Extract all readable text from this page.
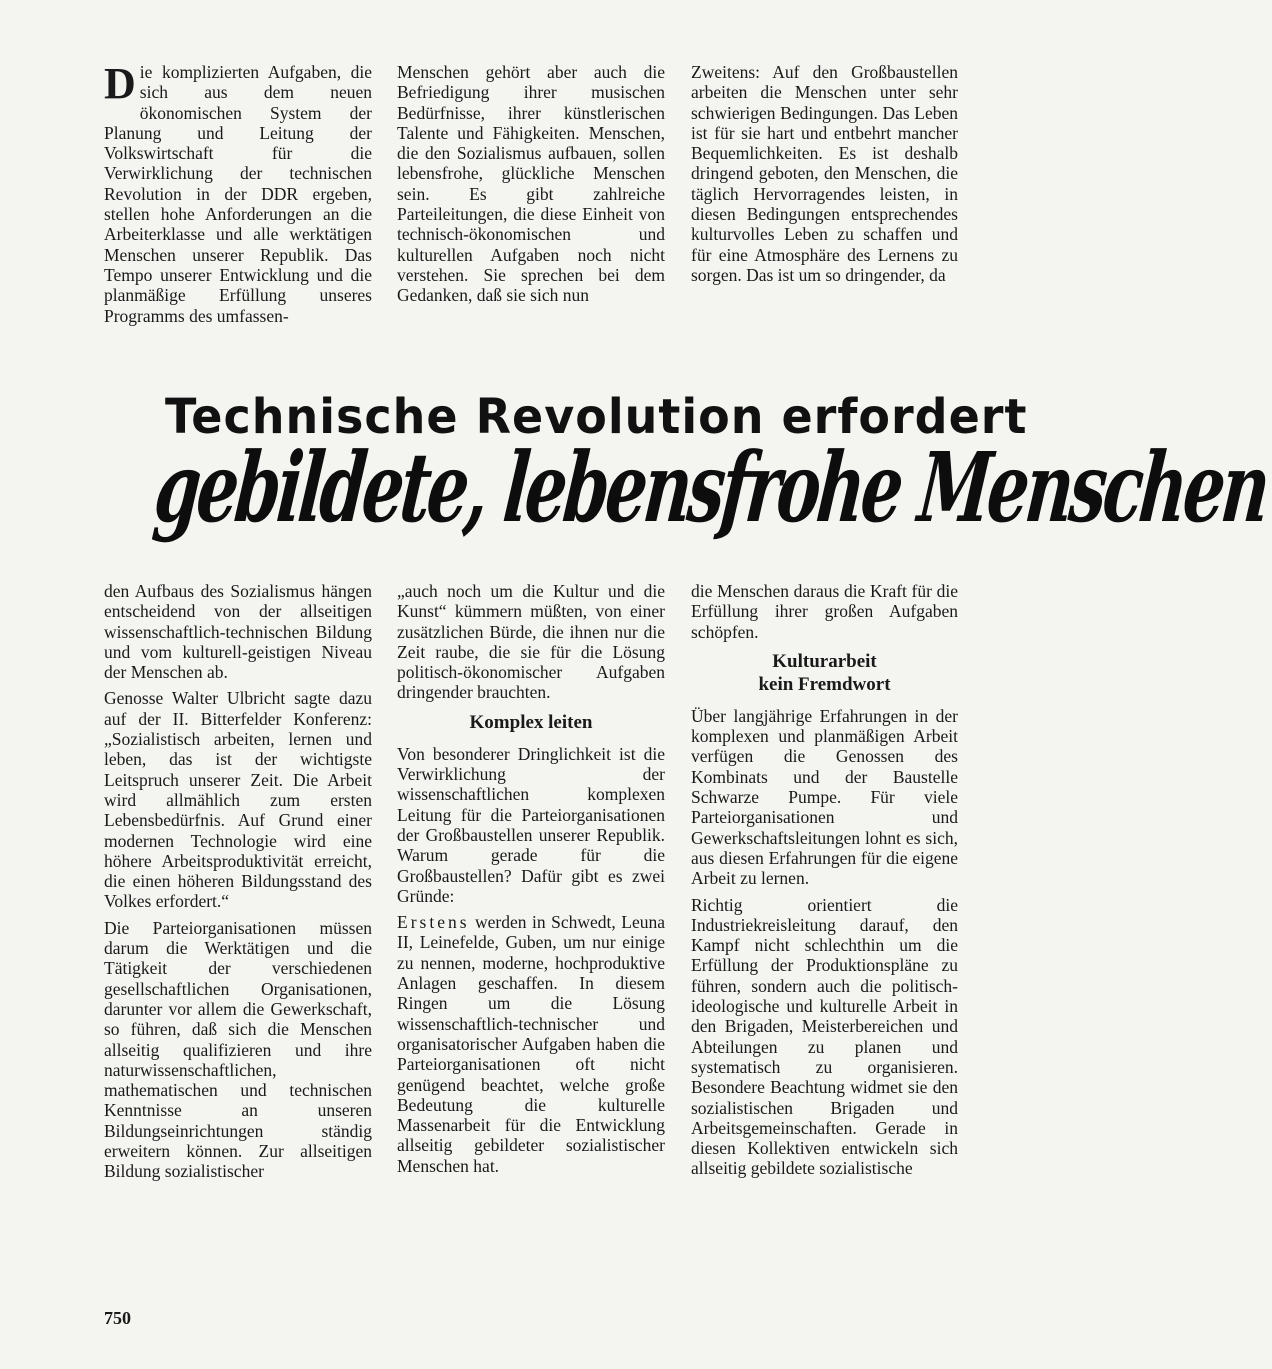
Die komplizierten Aufgaben, die sich aus dem neuen ökonomischen System der Planung und Leitung der Volkswirtschaft für die Verwirklichung der technischen Revolution in der DDR ergeben, stellen hohe Anforderungen an die Arbeiterklasse und alle werktätigen Menschen unserer Republik. Das Tempo unserer Entwicklung und die planmäßige Erfüllung unseres Programms des umfassen-

Menschen gehört aber auch die Befriedigung ihrer musischen Bedürfnisse, ihrer künstlerischen Talente und Fähigkeiten. Menschen, die den Sozialismus aufbauen, sollen lebensfrohe, glückliche Menschen sein. Es gibt zahlreiche Parteileitungen, die diese Einheit von technisch-ökonomischen und kulturellen Aufgaben noch nicht verstehen. Sie sprechen bei dem Gedanken, daß sie sich nun

Zweitens: Auf den Großbaustellen arbeiten die Menschen unter sehr schwierigen Bedingungen. Das Leben ist für sie hart und entbehrt mancher Bequemlichkeiten. Es ist deshalb dringend geboten, den Menschen, die täglich Hervorragendes leisten, in diesen Bedingungen entsprechendes kulturvolles Leben zu schaffen und für eine Atmosphäre des Lernens zu sorgen. Das ist um so dringender, da

Technische Revolution erfordert
gebildete, lebensfrohe Menschen

den Aufbaus des Sozialismus hängen entscheidend von der allseitigen wissenschaftlich-technischen Bildung und vom kulturell-geistigen Niveau der Menschen ab.

Genosse Walter Ulbricht sagte dazu auf der II. Bitterfelder Konferenz: „Sozialistisch arbeiten, lernen und leben, das ist der wichtigste Leitspruch unserer Zeit. Die Arbeit wird allmählich zum ersten Lebensbedürfnis. Auf Grund einer modernen Technologie wird eine höhere Arbeitsproduktivität erreicht, die einen höheren Bildungsstand des Volkes erfordert.“

Die Parteiorganisationen müssen darum die Werktätigen und die Tätigkeit der verschiedenen gesellschaftlichen Organisationen, darunter vor allem die Gewerkschaft, so führen, daß sich die Menschen allseitig qualifizieren und ihre naturwissenschaftlichen, mathematischen und technischen Kenntnisse an unseren Bildungseinrichtungen ständig erweitern können. Zur allseitigen Bildung sozialistischer

„auch noch um die Kultur und die Kunst“ kümmern müßten, von einer zusätzlichen Bürde, die ihnen nur die Zeit raube, die sie für die Lösung politisch-ökonomischer Aufgaben dringender brauchten.

Komplex leiten

Von besonderer Dringlichkeit ist die Verwirklichung der wissenschaftlichen komplexen Leitung für die Parteiorganisationen der Großbaustellen unserer Republik. Warum gerade für die Großbaustellen? Dafür gibt es zwei Gründe:

Erstens werden in Schwedt, Leuna II, Leinefelde, Guben, um nur einige zu nennen, moderne, hochproduktive Anlagen geschaffen. In diesem Ringen um die Lösung wissenschaftlich-technischer und organisatorischer Aufgaben haben die Parteiorganisationen oft nicht genügend beachtet, welche große Bedeutung die kulturelle Massenarbeit für die Entwicklung allseitig gebildeter sozialistischer Menschen hat.

die Menschen daraus die Kraft für die Erfüllung ihrer großen Aufgaben schöpfen.

Kulturarbeit
kein Fremdwort

Über langjährige Erfahrungen in der komplexen und planmäßigen Arbeit verfügen die Genossen des Kombinats und der Baustelle Schwarze Pumpe. Für viele Parteiorganisationen und Gewerkschaftsleitungen lohnt es sich, aus diesen Erfahrungen für die eigene Arbeit zu lernen.

Richtig orientiert die Industriekreisleitung darauf, den Kampf nicht schlechthin um die Erfüllung der Produktionspläne zu führen, sondern auch die politisch-ideologische und kulturelle Arbeit in den Brigaden, Meisterbereichen und Abteilungen zu planen und systematisch zu organisieren. Besondere Beachtung widmet sie den sozialistischen Brigaden und Arbeitsgemeinschaften. Gerade in diesen Kollektiven entwickeln sich allseitig gebildete sozialistische

750
